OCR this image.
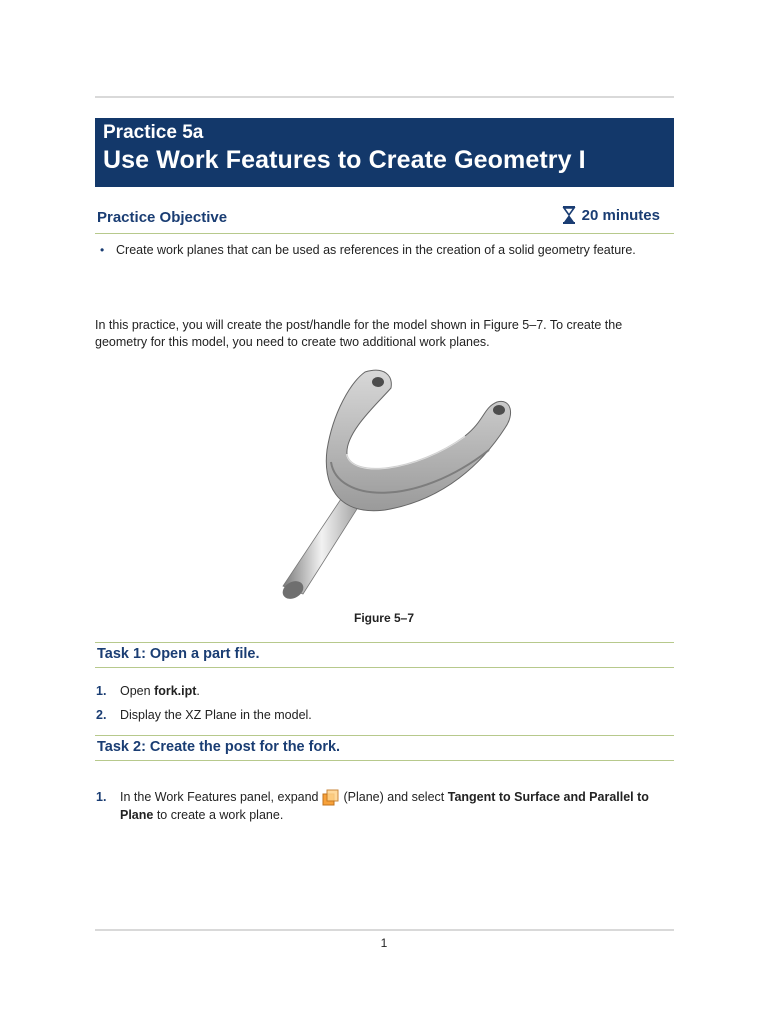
Practice 5a
Use Work Features to Create Geometry I
Practice Objective	20 minutes
• Create work planes that can be used as references in the creation of a solid geometry feature.
In this practice, you will create the post/handle for the model shown in Figure 5–7. To create the geometry for this model, you need to create two additional work planes.
Figure 5–7
Task 1: Open a part file.
1.	Open fork.ipt.
2.	Display the XZ Plane in the model.
Task 2: Create the post for the fork.
1.	In the Work Features panel, expand (Plane) and select Tangent to Surface and Parallel to Plane to create a work plane.
1
